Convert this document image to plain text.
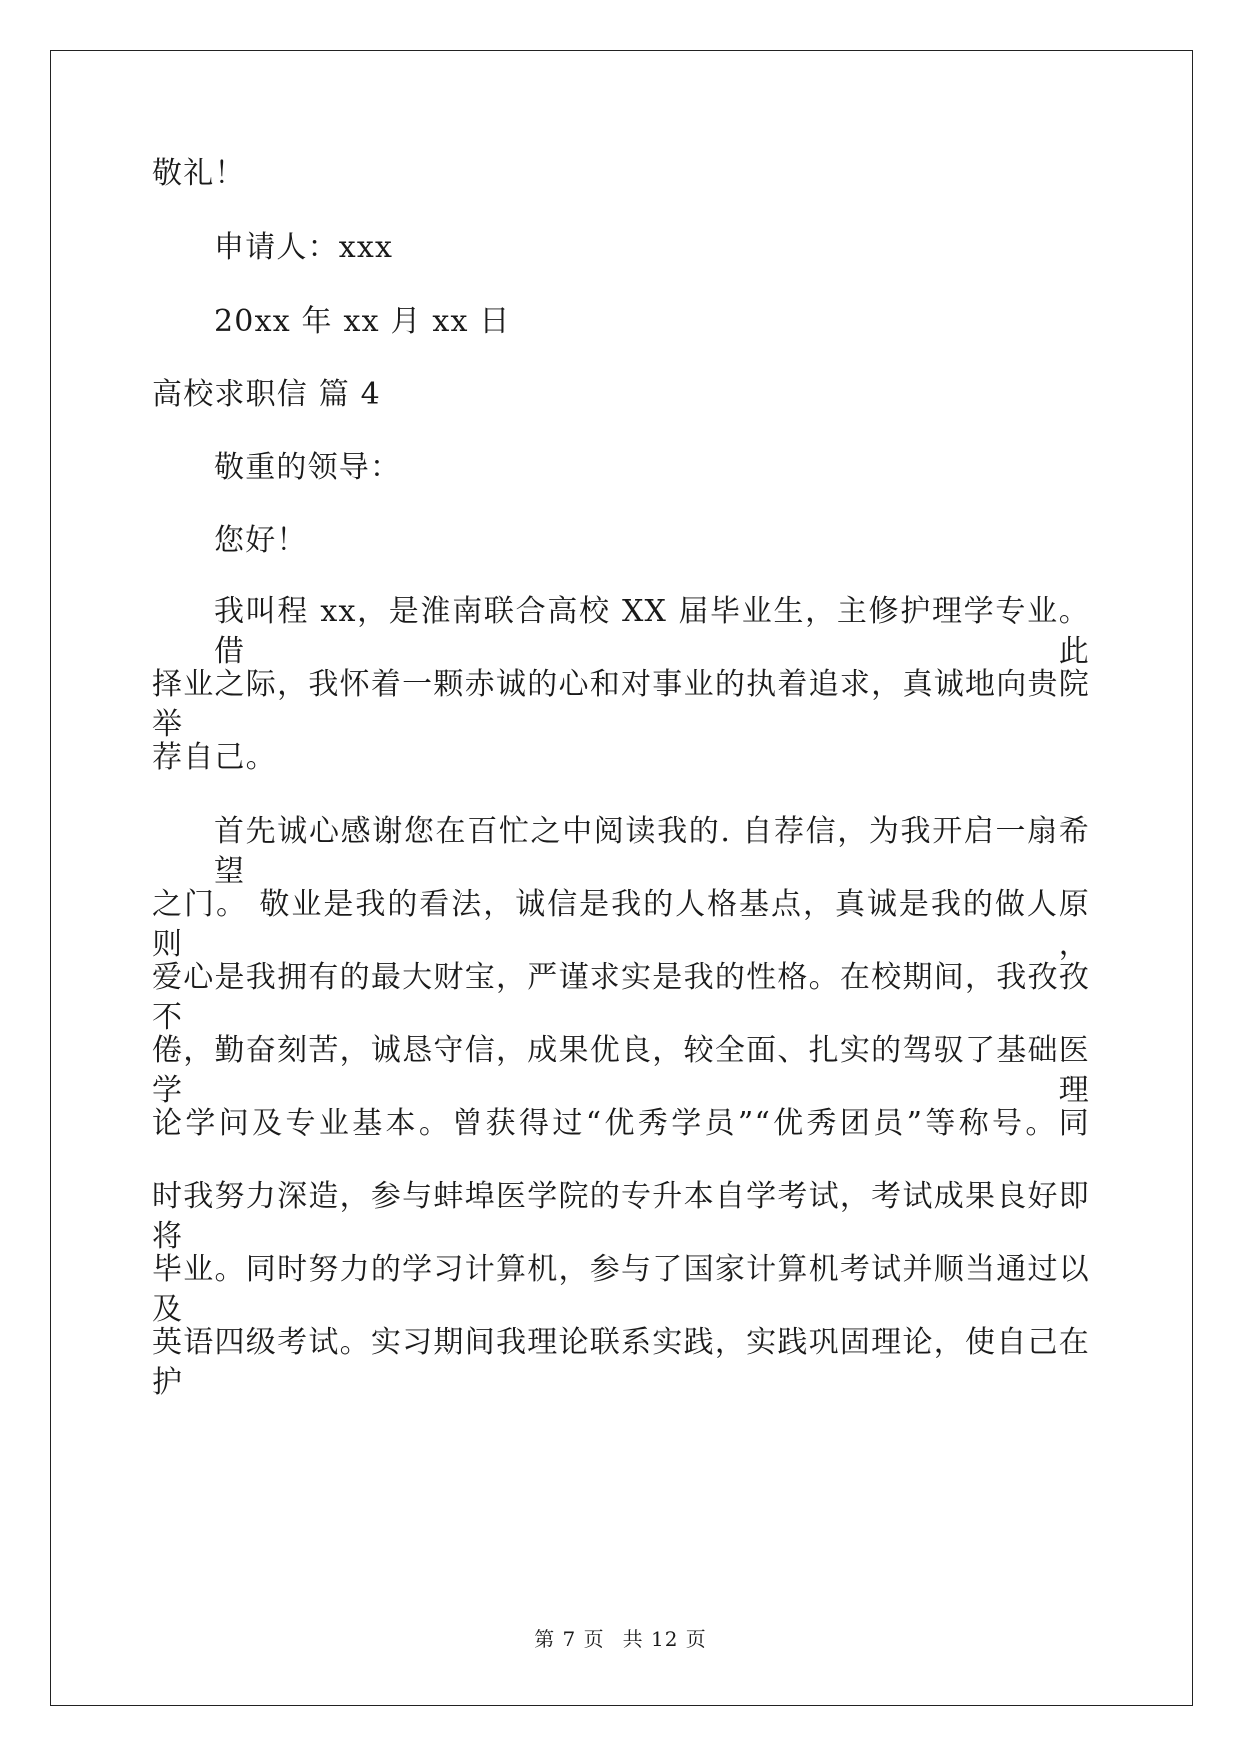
敬礼！
申请人：xxx
20xx 年 xx 月 xx 日
高校求职信 篇 4
敬重的领导：
您好！
我叫程 xx，是淮南联合高校 XX 届毕业生，主修护理学专业。借此
择业之际，我怀着一颗赤诚的心和对事业的执着追求，真诚地向贵院举
荐自己。
首先诚心感谢您在百忙之中阅读我的. 自荐信，为我开启一扇希望
之门。 敬业是我的看法，诚信是我的人格基点，真诚是我的做人原则，
爱心是我拥有的最大财宝，严谨求实是我的性格。在校期间，我孜孜不
倦，勤奋刻苦，诚恳守信，成果优良，较全面、扎实的驾驭了基础医学理
论学问及专业基本。曾获得过“优秀学员”“优秀团员”等称号。同
时我努力深造，参与蚌埠医学院的专升本自学考试，考试成果良好即将
毕业。同时努力的学习计算机，参与了国家计算机考试并顺当通过以及
英语四级考试。实习期间我理论联系实践，实践巩固理论，使自己在护
第 7 页 共 12 页
